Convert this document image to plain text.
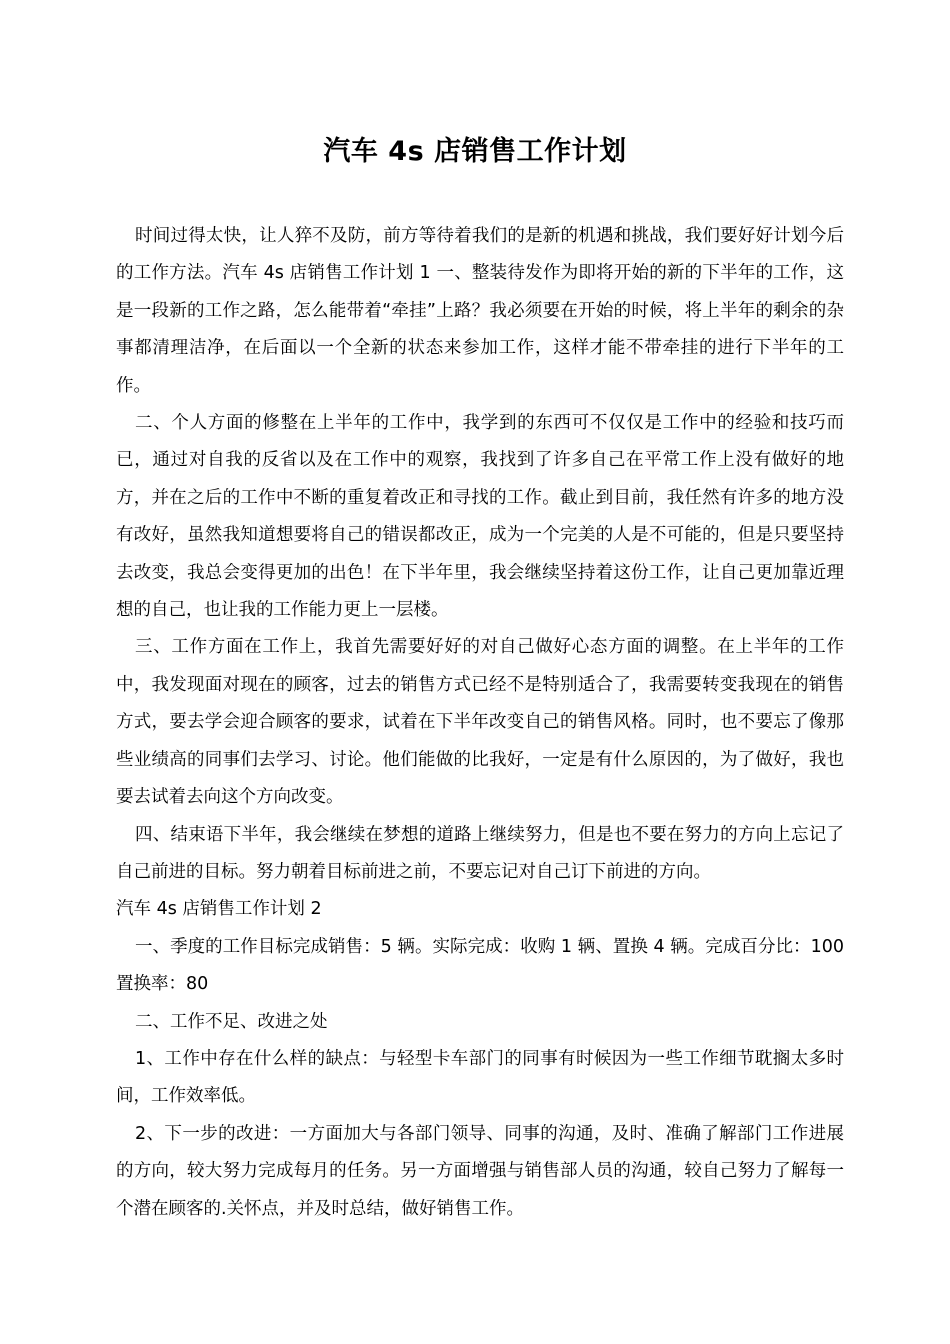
汽车 4s 店销售工作计划

时间过得太快，让人猝不及防，前方等待着我们的是新的机遇和挑战，我们要好好计划今后的工作方法。汽车 4s 店销售工作计划 1 一、整装待发作为即将开始的新的下半年的工作，这是一段新的工作之路，怎么能带着“牵挂”上路？我必须要在开始的时候，将上半年的剩余的杂事都清理洁净，在后面以一个全新的状态来参加工作，这样才能不带牵挂的进行下半年的工作。

二、个人方面的修整在上半年的工作中，我学到的东西可不仅仅是工作中的经验和技巧而已，通过对自我的反省以及在工作中的观察，我找到了许多自己在平常工作上没有做好的地方，并在之后的工作中不断的重复着改正和寻找的工作。截止到目前，我任然有许多的地方没有改好，虽然我知道想要将自己的错误都改正，成为一个完美的人是不可能的，但是只要坚持去改变，我总会变得更加的出色！在下半年里，我会继续坚持着这份工作，让自己更加靠近理想的自己，也让我的工作能力更上一层楼。

三、工作方面在工作上，我首先需要好好的对自己做好心态方面的调整。在上半年的工作中，我发现面对现在的顾客，过去的销售方式已经不是特别适合了，我需要转变我现在的销售方式，要去学会迎合顾客的要求，试着在下半年改变自己的销售风格。同时，也不要忘了像那些业绩高的同事们去学习、讨论。他们能做的比我好，一定是有什么原因的，为了做好，我也要去试着去向这个方向改变。

四、结束语下半年，我会继续在梦想的道路上继续努力，但是也不要在努力的方向上忘记了自己前进的目标。努力朝着目标前进之前，不要忘记对自己订下前进的方向。

汽车 4s 店销售工作计划 2

一、季度的工作目标完成销售：5 辆。实际完成：收购 1 辆、置换 4 辆。完成百分比：100 置换率：80

二、工作不足、改进之处

1、工作中存在什么样的缺点：与轻型卡车部门的同事有时候因为一些工作细节耽搁太多时间，工作效率低。

2、下一步的改进：一方面加大与各部门领导、同事的沟通，及时、准确了解部门工作进展的方向，较大努力完成每月的任务。另一方面增强与销售部人员的沟通，较自己努力了解每一个潜在顾客的.关怀点，并及时总结，做好销售工作。
